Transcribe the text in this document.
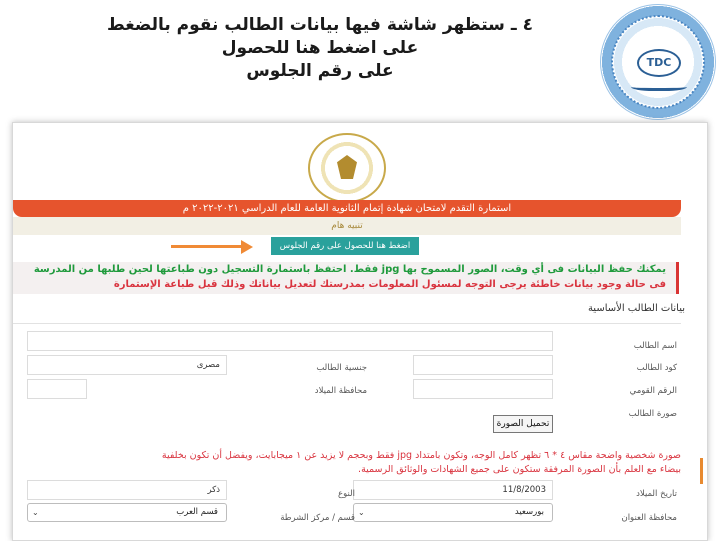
٤ ـ ستظهر شاشة فيها بيانات الطالب نقوم بالضغط على اضغط هنا للحصول
على رقم الجلوس	TDC
استمارة التقدم لامتحان شهادة إتمام الثانوية العامة للعام الدراسي ٢٠٢١-٢٠٢٢ م
تنبيه هام
اضغط هنا للحصول على رقم الجلوس
يمكنك حفظ البيانات فى أي وقت، الصور المسموح بها jpg فقط. احتفظ باستمارة التسجيل دون طباعتها لحين طلبها من المدرسة
فى حالة وجود بيانات خاطئة يرجى التوجه لمسئول المعلومات بمدرستك لتعديل بياناتك وذلك قبل طباعة الإستمارة
بيانات الطالب الأساسية
اسم الطالب
كود الطالب
جنسية الطالب
مصرى
الرقم القومي
محافظة الميلاد
صورة الطالب
تحميل الصورة
صورة شخصية واضحة مقاس ٤ * ٦ تظهر كامل الوجه، وتكون بامتداد jpg فقط وبحجم لا يزيد عن ١ ميجابايت، ويفضل أن تكون بخلفية
بيضاء مع العلم بأن الصورة المرفقة ستكون على جميع الشهادات والوثائق الرسمية.
تاريخ الميلاد
11/8/2003
النوع
ذكر
محافظة العنوان
بورسعيد
⌄
قسم / مركز الشرطة
قسم العرب
⌄
